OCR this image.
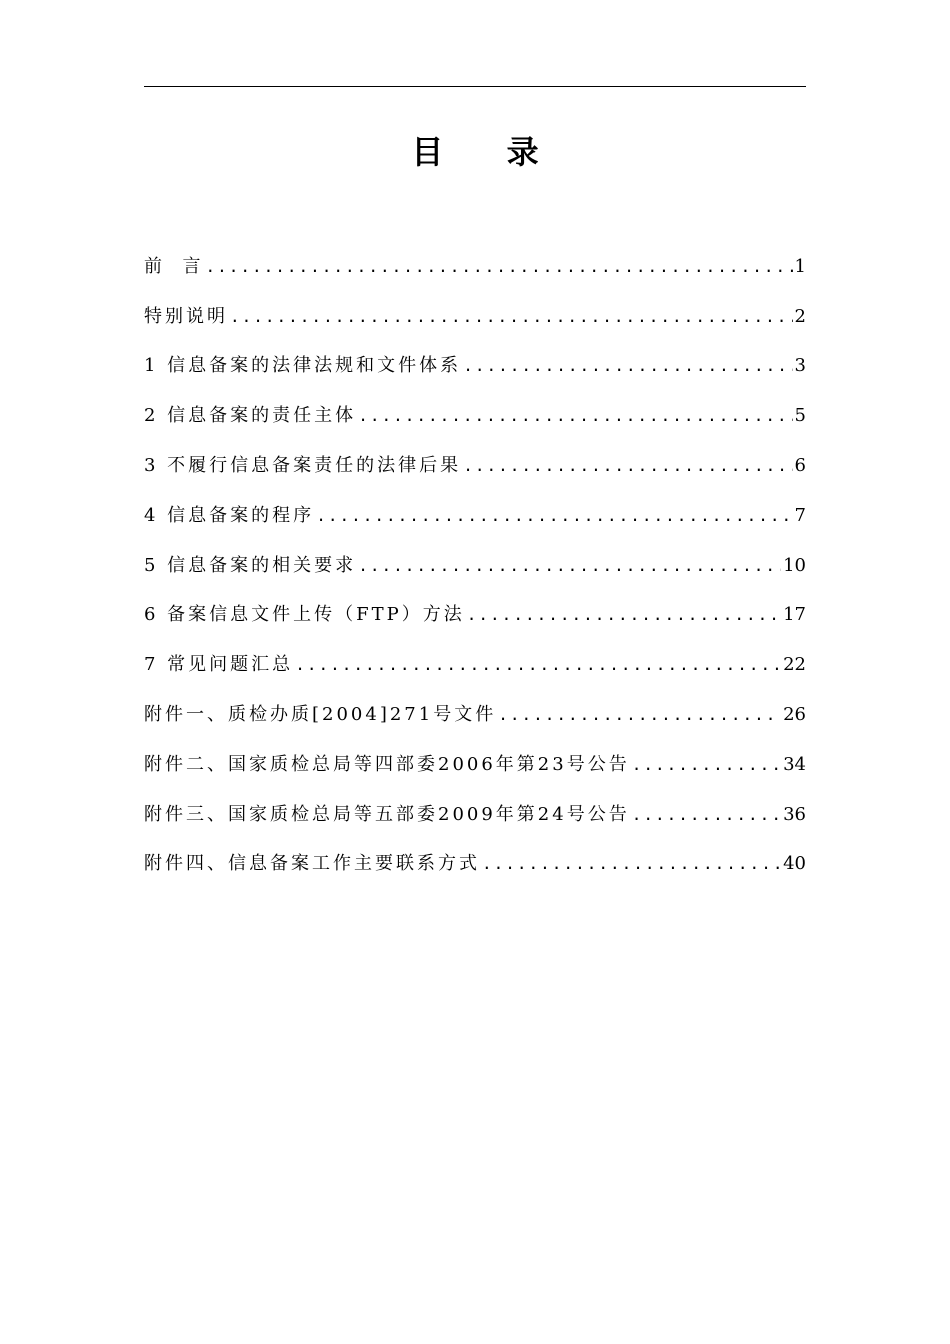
目 录
前  言 .....	1
特别说明 .....	2
1 信息备案的法律法规和文件体系 .....	3
2 信息备案的责任主体 .....	5
3 不履行信息备案责任的法律后果 .....	6
4 信息备案的程序 .....	7
5 信息备案的相关要求 .....	10
6 备案信息文件上传（FTP）方法 .....	17
7 常见问题汇总 .....	22
附件一、质检办质[2004]271号文件 .....	26
附件二、国家质检总局等四部委2006年第23号公告 .....	34
附件三、国家质检总局等五部委2009年第24号公告 .....	36
附件四、信息备案工作主要联系方式 .....	40
